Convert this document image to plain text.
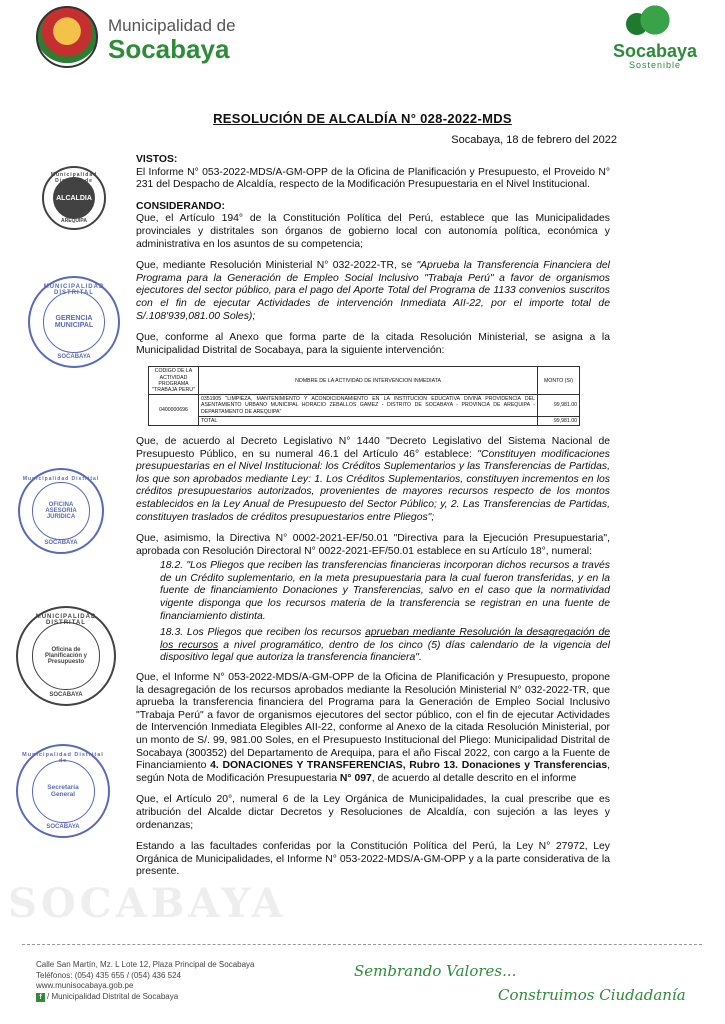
Municipalidad de
Socabaya	Socabaya
Sostenible
SOCABAYA
RESOLUCIÓN DE ALCALDÍA N° 028-2022-MDS
Socabaya, 18 de febrero del 2022
Municipalidad Distrital de
ALCALDIA
AREQUIPA
MUNICIPALIDAD DISTRITAL
GERENCIA MUNICIPAL
SOCABAYA
Municipalidad Distrital
OFICINA ASESORIA JURIDICA
SOCABAYA
MUNICIPALIDAD DISTRITAL
Oficina de Planificación y Presupuesto
SOCABAYA
Municipalidad Distrital de
Secretaría General
SOCABAYA

VISTOS:

El Informe N° 053-2022-MDS/A-GM-OPP de la Oficina de Planificación y Presupuesto, el Proveido N° 231 del Despacho de Alcaldía, respecto de la Modificación Presupuestaria en el Nivel Institucional.

CONSIDERANDO:

Que, el Artículo 194° de la Constitución Política del Perú, establece que las Municipalidades provinciales y distritales son órganos de gobierno local con autonomía política, económica y administrativa en los asuntos de su competencia;

Que, mediante Resolución Ministerial N° 032-2022-TR, se "Aprueba la Transferencia Financiera del Programa para la Generación de Empleo Social Inclusivo "Trabaja Perú" a favor de organismos ejecutores del sector público, para el pago del Aporte Total del Programa de 1133 convenios suscritos con el fin de ejecutar Actividades de intervención Inmediata AII-22, por el importe total de S/.108'939,081.00 Soles);

Que, conforme al Anexo que forma parte de la citada Resolución Ministerial, se asigna a la Municipalidad Distrital de Socabaya, para la siguiente intervención:

CODIGO DE LA ACTIVIDAD PROGRAMA "TRABAJA PERU"	NOMBRE DE LA ACTIVIDAD DE INTERVENCION INMEDIATA	MONTO (S/)
0400000696	0351905 "LIMPIEZA, MANTENIMIENTO Y ACONDICIONAMIENTO EN LA INSTITUCION EDUCATIVA DIVINA PROVIDENCIA DEL ASENTAMIENTO URBANO MUNICIPAL HORACIO ZEBALLOS GAMEZ - DISTRITO DE SOCABAYA - PROVINCIA DE AREQUIPA -DEPARTAMENTO DE AREQUIPA"	99,981.00
	TOTAL	99,981.00

Que, de acuerdo al Decreto Legislativo N° 1440 "Decreto Legislativo del Sistema Nacional de Presupuesto Público, en su numeral 46.1 del Artículo 46° establece: "Constituyen modificaciones presupuestarias en el Nivel Institucional: los Créditos Suplementarios y las Transferencias de Partidas, los que son aprobados mediante Ley: 1. Los Créditos Suplementarios, constituyen incrementos en los créditos presupuestarios autorizados, provenientes de mayores recursos respecto de los montos establecidos en la Ley Anual de Presupuesto del Sector Público; y, 2. Las Transferencias de Partidas, constituyen traslados de créditos presupuestarios entre Pliegos";

Que, asimismo, la Directiva N° 0002-2021-EF/50.01 "Directiva para la Ejecución Presupuestaria", aprobada con Resolución Directoral N° 0022-2021-EF/50.01 establece en su Artículo 18°, numeral:

18.2. "Los Pliegos que reciben las transferencias financieras incorporan dichos recursos a través de un Crédito suplementario, en la meta presupuestaria para la cual fueron transferidas, y en la fuente de financiamiento Donaciones y Transferencias, salvo en el caso que la normatividad vigente disponga que los recursos materia de la transferencia se registran en una fuente de financiamiento distinta.

18.3. Los Pliegos que reciben los recursos aprueban mediante Resolución la desagregación de los recursos a nivel programático, dentro de los cinco (5) días calendario de la vigencia del dispositivo legal que autoriza la transferencia financiera".

Que, el Informe N° 053-2022-MDS/A-GM-OPP de la Oficina de Planificación y Presupuesto, propone la desagregación de los recursos aprobados mediante la Resolución Ministerial N° 032-2022-TR, que aprueba la transferencia financiera del Programa para la Generación de Empleo Social Inclusivo "Trabaja Perú" a favor de organismos ejecutores del sector público, con el fin de ejecutar Actividades de Intervención Inmediata Elegibles AII-22, conforme al Anexo de la citada Resolución Ministerial, por un monto de S/. 99, 981.00 Soles, en el Presupuesto Institucional del Pliego: Municipalidad Distrital de Socabaya (300352) del Departamento de Arequipa, para el año Fiscal 2022, con cargo a la Fuente de Financiamiento 4. DONACIONES Y TRANSFERENCIAS, Rubro 13. Donaciones y Transferencias, según Nota de Modificación Presupuestaria N° 097, de acuerdo al detalle descrito en el informe

Que, el Artículo 20°, numeral 6 de la Ley Orgánica de Municipalidades, la cual prescribe que es atribución del Alcalde dictar Decretos y Resoluciones de Alcaldía, con sujeción a las leyes y ordenanzas;

Estando a las facultades conferidas por la Constitución Política del Perú, la Ley N° 27972, Ley Orgánica de Municipalidades, el Informe N° 053-2022-MDS/A-GM-OPP y a la parte considerativa de la presente.

Calle San Martín, Mz. L Lote 12, Plaza Principal de Socabaya
Teléfonos: (054) 435 655 / (054) 436 524
www.munisocabaya.gob.pe
f / Municipalidad Distrital de Socabaya
Sembrando Valores...
Construimos Ciudadanía
